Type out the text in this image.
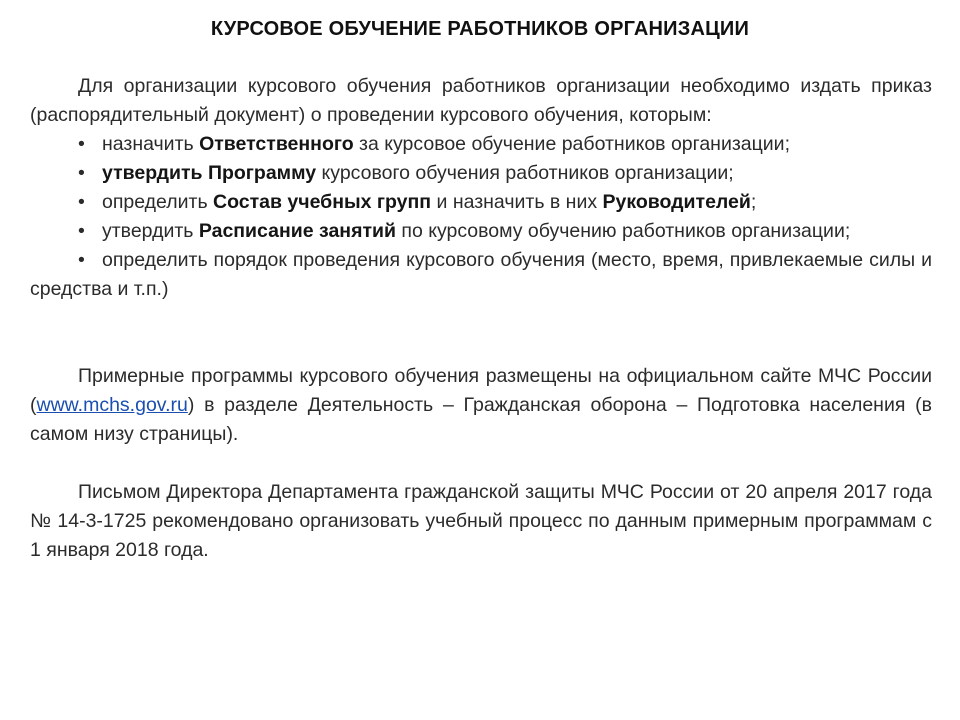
КУРСОВОЕ ОБУЧЕНИЕ РАБОТНИКОВ ОРГАНИЗАЦИИ

Для организации курсового обучения работников организации необходимо издать приказ (распорядительный документ) о проведении курсового обучения, которым:

• назначить Ответственного за курсовое обучение работников организации;
• утвердить Программу курсового обучения работников организации;
• определить Состав учебных групп и назначить в них Руководителей;
• утвердить Расписание занятий по курсовому обучению работников организации;
• определить порядок проведения курсового обучения (место, время, привлекаемые силы и средства и т.п.)

Примерные программы курсового обучения размещены на официальном сайте МЧС России (www.mchs.gov.ru) в разделе Деятельность – Гражданская оборона – Подготовка населения (в самом низу страницы).

Письмом Директора Департамента гражданской защиты МЧС России от 20 апреля 2017 года № 14-3-1725 рекомендовано организовать учебный процесс по данным примерным программам с 1 января 2018 года.
